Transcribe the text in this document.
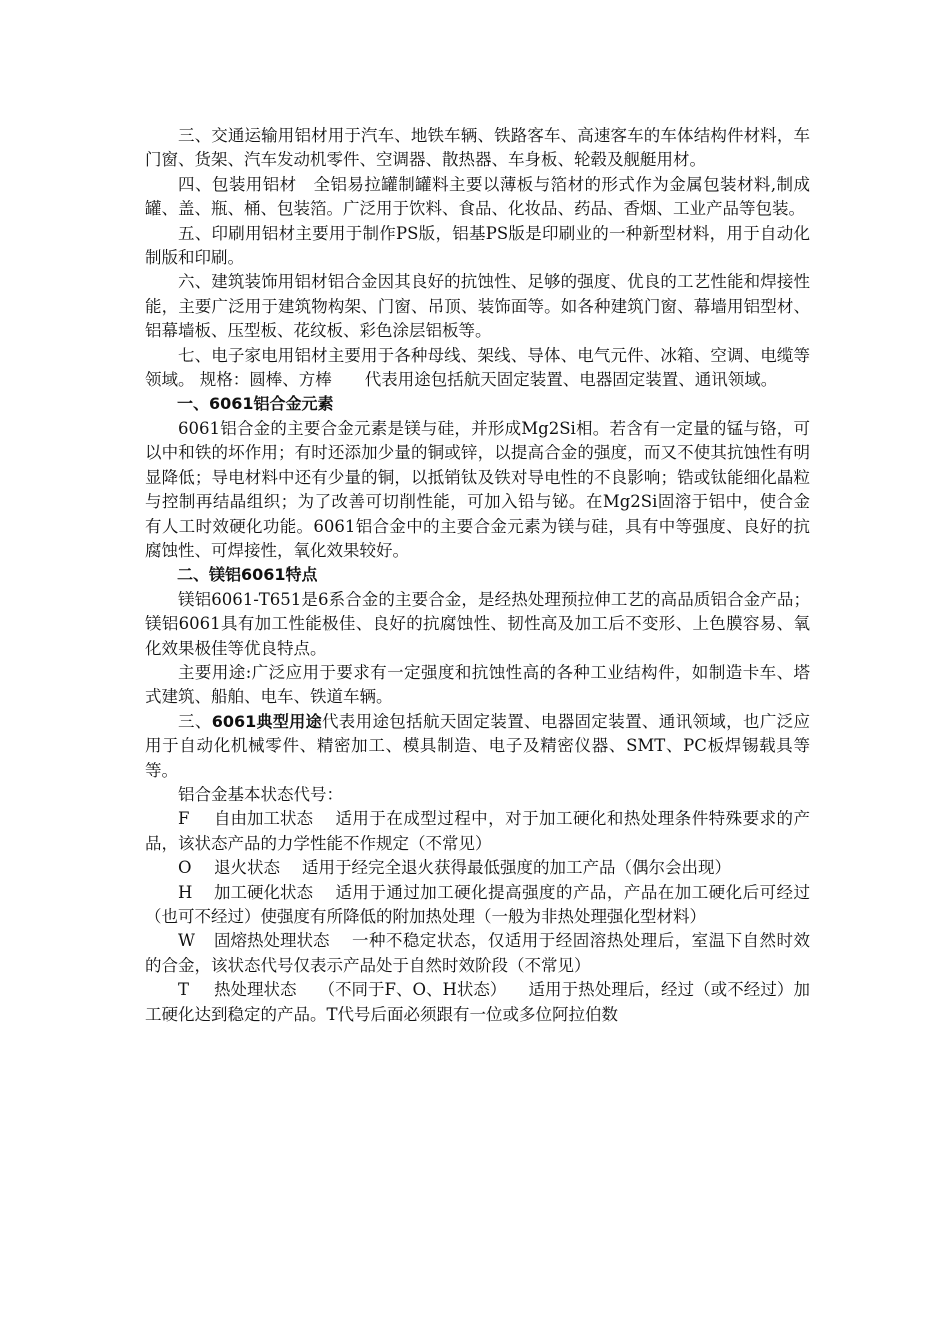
三、交通运输用铝材用于汽车、地铁车辆、铁路客车、高速客车的车体结构件材料，车门窗、货架、汽车发动机零件、空调器、散热器、车身板、轮毂及舰艇用材。

四、包装用铝材　全铝易拉罐制罐料主要以薄板与箔材的形式作为金属包装材料,制成罐、盖、瓶、桶、包装箔。广泛用于饮料、食品、化妆品、药品、香烟、工业产品等包装。

五、印刷用铝材主要用于制作PS版，铝基PS版是印刷业的一种新型材料，用于自动化制版和印刷。

六、建筑装饰用铝材铝合金因其良好的抗蚀性、足够的强度、优良的工艺性能和焊接性能，主要广泛用于建筑物构架、门窗、吊顶、装饰面等。如各种建筑门窗、幕墙用铝型材、铝幕墙板、压型板、花纹板、彩色涂层铝板等。

七、电子家电用铝材主要用于各种母线、架线、导体、电气元件、冰箱、空调、电缆等领域。 规格：圆棒、方棒　　代表用途包括航天固定装置、电器固定装置、通讯领域。

一、6061铝合金元素

6061铝合金的主要合金元素是镁与硅，并形成Mg2Si相。若含有一定量的锰与铬，可以中和铁的坏作用；有时还添加少量的铜或锌，以提高合金的强度，而又不使其抗蚀性有明显降低；导电材料中还有少量的铜，以抵销钛及铁对导电性的不良影响；锆或钛能细化晶粒与控制再结晶组织；为了改善可切削性能，可加入铅与铋。在Mg2Si固溶于铝中，使合金有人工时效硬化功能。6061铝合金中的主要合金元素为镁与硅，具有中等强度、良好的抗腐蚀性、可焊接性，氧化效果较好。

二、镁铝6061特点

镁铝6061-T651是6系合金的主要合金，是经热处理预拉伸工艺的高品质铝合金产品；镁铝6061具有加工性能极佳、良好的抗腐蚀性、韧性高及加工后不变形、上色膜容易、氧化效果极佳等优良特点。

主要用途:广泛应用于要求有一定强度和抗蚀性高的各种工业结构件，如制造卡车、塔式建筑、船舶、电车、铁道车辆。

三、6061典型用途代表用途包括航天固定装置、电器固定装置、通讯领域，也广泛应用于自动化机械零件、精密加工、模具制造、电子及精密仪器、SMT、PC板焊锡载具等等。

铝合金基本状态代号：

F 自由加工状态 适用于在成型过程中，对于加工硬化和热处理条件特殊要求的产品，该状态产品的力学性能不作规定（不常见）

O 退火状态 适用于经完全退火获得最低强度的加工产品（偶尔会出现）

H 加工硬化状态 适用于通过加工硬化提高强度的产品，产品在加工硬化后可经过（也可不经过）使强度有所降低的附加热处理（一般为非热处理强化型材料）

W 固熔热处理状态 一种不稳定状态，仅适用于经固溶热处理后，室温下自然时效的合金，该状态代号仅表示产品处于自然时效阶段（不常见）

T 热处理状态 （不同于F、O、H状态） 适用于热处理后，经过（或不经过）加工硬化达到稳定的产品。T代号后面必须跟有一位或多位阿拉伯数
